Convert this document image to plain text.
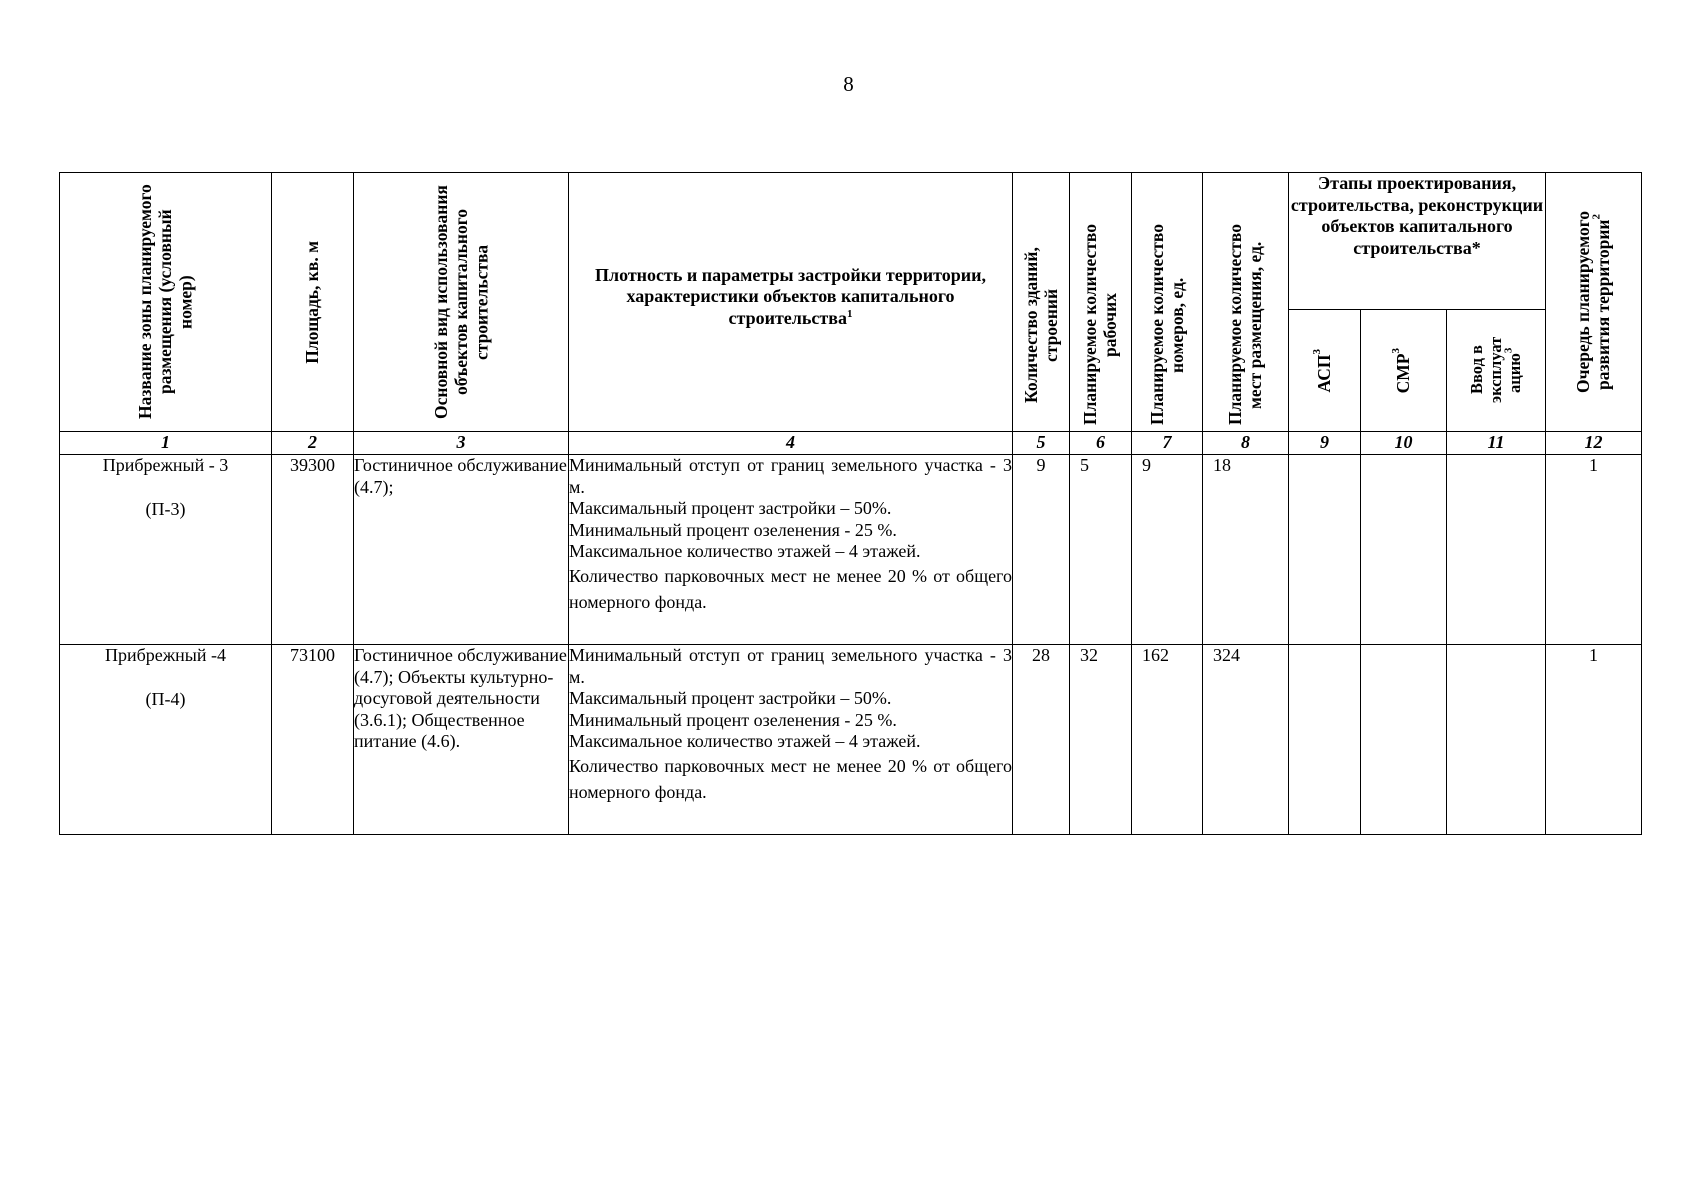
8
Название зоны планируемого размещения (условный номер)	Площадь, кв. м	Основной вид использования объектов капитального строительства	Плотность и параметры застройки территории, характеристики объектов капитального строительства$^1$	Количество зданий, строений	Планируемое количество рабочих	Планируемое количество номеров, ед.	Планируемое количество мест размещения, ед.	Этапы проектирования, строительства, реконструкции объектов капитального строительства*			Очередь планируемого развития территории$^2$

								АСП$^3$	СМР$^3$	Ввод в эксплуат ацию$^3$

1	2	3	4	5	6	7	8	9	10	11	12

Прибрежный - 3
(П-3)	39300	Гостиничное обслуживание (4.7);	Минимальный отступ от границ земельного участка - 3 м.
Максимальный процент застройки – 50%.
Минимальный процент озеленения - 25 %.
Максимальное количество этажей – 4 этажей.
Количество парковочных мест не менее 20 % от общего номерного фонда.	9	5	9	18				1

Прибрежный -4
(П-4)	73100	Гостиничное обслуживание (4.7); Объекты культурно-досуговой деятельности (3.6.1); Общественное питание (4.6).	Минимальный отступ от границ земельного участка - 3 м.
Максимальный процент застройки – 50%.
Минимальный процент озеленения - 25 %.
Максимальное количество этажей – 4 этажей.
Количество парковочных мест не менее 20 % от общего номерного фонда.	28	32	162	324				1
